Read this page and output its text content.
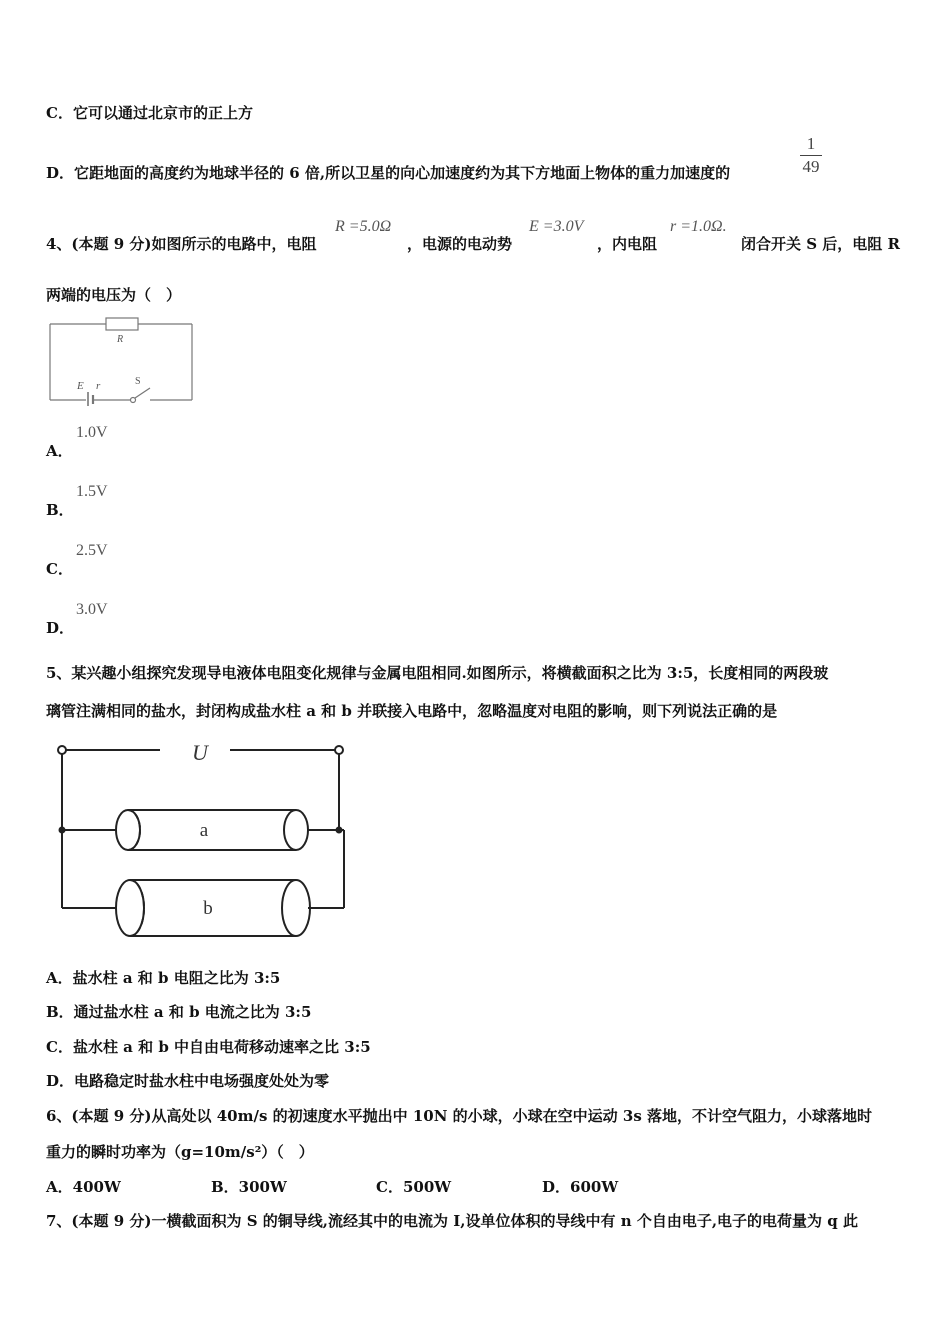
C．它可以通过北京市的正上方
D．它距地面的高度约为地球半径的 6 倍,所以卫星的向心加速度约为其下方地面上物体的重力加速度的
1
49
4、(本题 9 分)如图所示的电路中，电阻
R =5.0Ω
，电源的电动势
E =3.0V
，内电阻
r =1.0Ω.
闭合开关 S 后，电阻 R
两端的电压为（　）
R
E r	S
A．
1.0V
B．
1.5V
C．
2.5V
D．
3.0V
5、某兴趣小组探究发现导电液体电阻变化规律与金属电阻相同.如图所示，将横截面积之比为 3:5，长度相同的两段玻
璃管注满相同的盐水，封闭构成盐水柱 a 和 b 并联接入电路中，忽略温度对电阻的影响，则下列说法正确的是
U
a
b
A．盐水柱 a 和 b 电阻之比为 3:5
B．通过盐水柱 a 和 b 电流之比为 3:5
C．盐水柱 a 和 b 中自由电荷移动速率之比 3:5
D．电路稳定时盐水柱中电场强度处处为零
6、(本题 9 分)从高处以 40m/s 的初速度水平抛出中 10N 的小球，小球在空中运动 3s 落地，不计空气阻力，小球落地时
重力的瞬时功率为（g=10m/s²）（　）
A．400W	B．300W	C．500W	D．600W
7、(本题 9 分)一横截面积为 S 的铜导线,流经其中的电流为 I,设单位体积的导线中有 n 个自由电子,电子的电荷量为 q 此
